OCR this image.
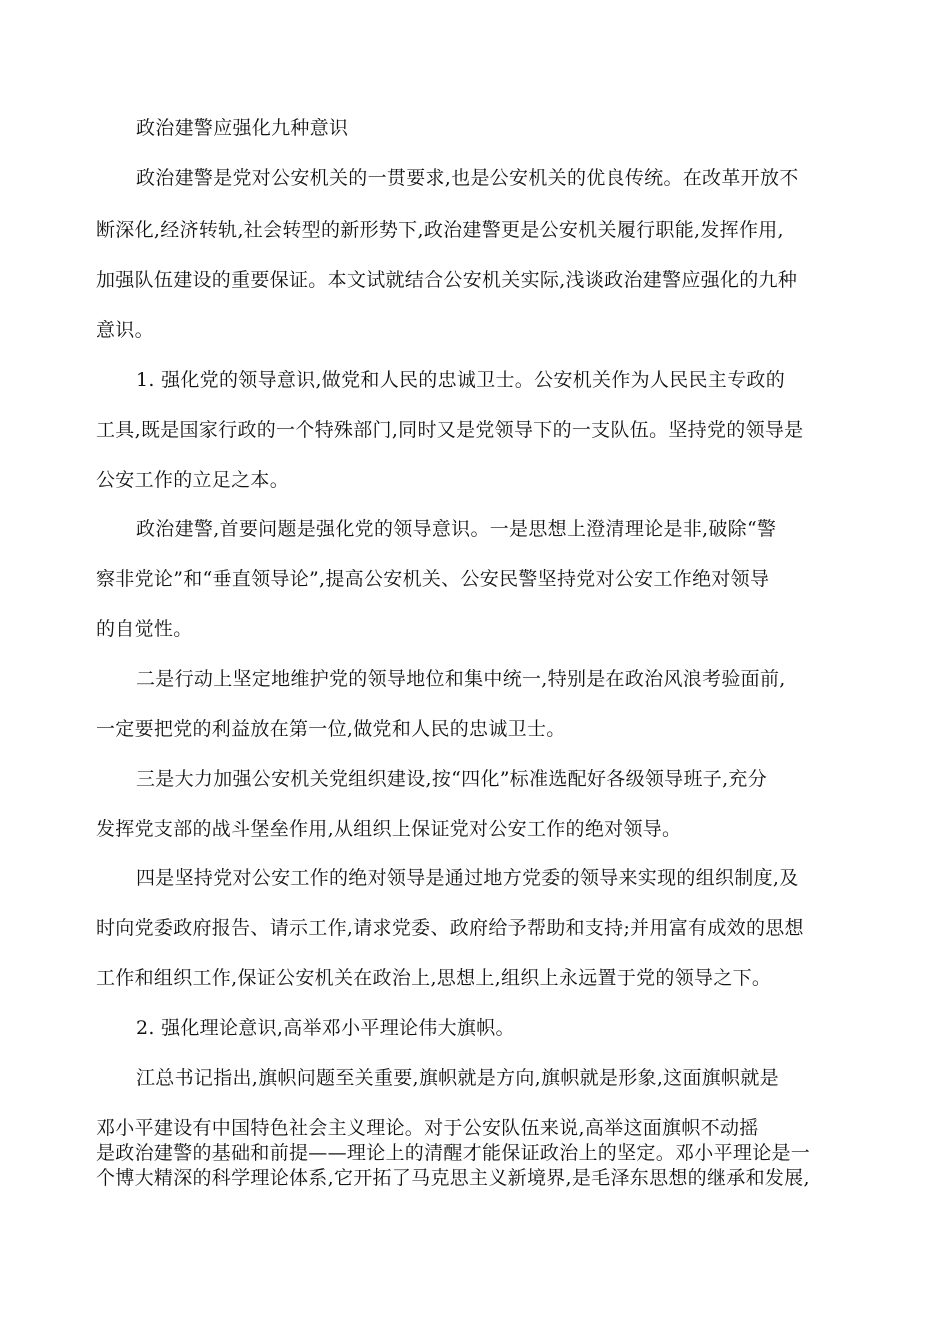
政治建警应强化九种意识
政治建警是党对公安机关的一贯要求,也是公安机关的优良传统。在改革开放不
断深化,经济转轨,社会转型的新形势下,政治建警更是公安机关履行职能,发挥作用,
加强队伍建设的重要保证。本文试就结合公安机关实际,浅谈政治建警应强化的九种
意识。
1. 强化党的领导意识,做党和人民的忠诚卫士。公安机关作为人民民主专政的
工具,既是国家行政的一个特殊部门,同时又是党领导下的一支队伍。坚持党的领导是
公安工作的立足之本。
政治建警,首要问题是强化党的领导意识。一是思想上澄清理论是非,破除“警
察非党论”和“垂直领导论”,提高公安机关、公安民警坚持党对公安工作绝对领导
的自觉性。
二是行动上坚定地维护党的领导地位和集中统一,特别是在政治风浪考验面前,
一定要把党的利益放在第一位,做党和人民的忠诚卫士。
三是大力加强公安机关党组织建设,按“四化”标准选配好各级领导班子,充分
发挥党支部的战斗堡垒作用,从组织上保证党对公安工作的绝对领导。
四是坚持党对公安工作的绝对领导是通过地方党委的领导来实现的组织制度,及
时向党委政府报告、请示工作,请求党委、政府给予帮助和支持;并用富有成效的思想
工作和组织工作,保证公安机关在政治上,思想上,组织上永远置于党的领导之下。
2. 强化理论意识,高举邓小平理论伟大旗帜。
江总书记指出,旗帜问题至关重要,旗帜就是方向,旗帜就是形象,这面旗帜就是
邓小平建设有中国特色社会主义理论。对于公安队伍来说,高举这面旗帜不动摇
是政治建警的基础和前提——理论上的清醒才能保证政治上的坚定。邓小平理论是一
个博大精深的科学理论体系,它开拓了马克思主义新境界,是毛泽东思想的继承和发展,
